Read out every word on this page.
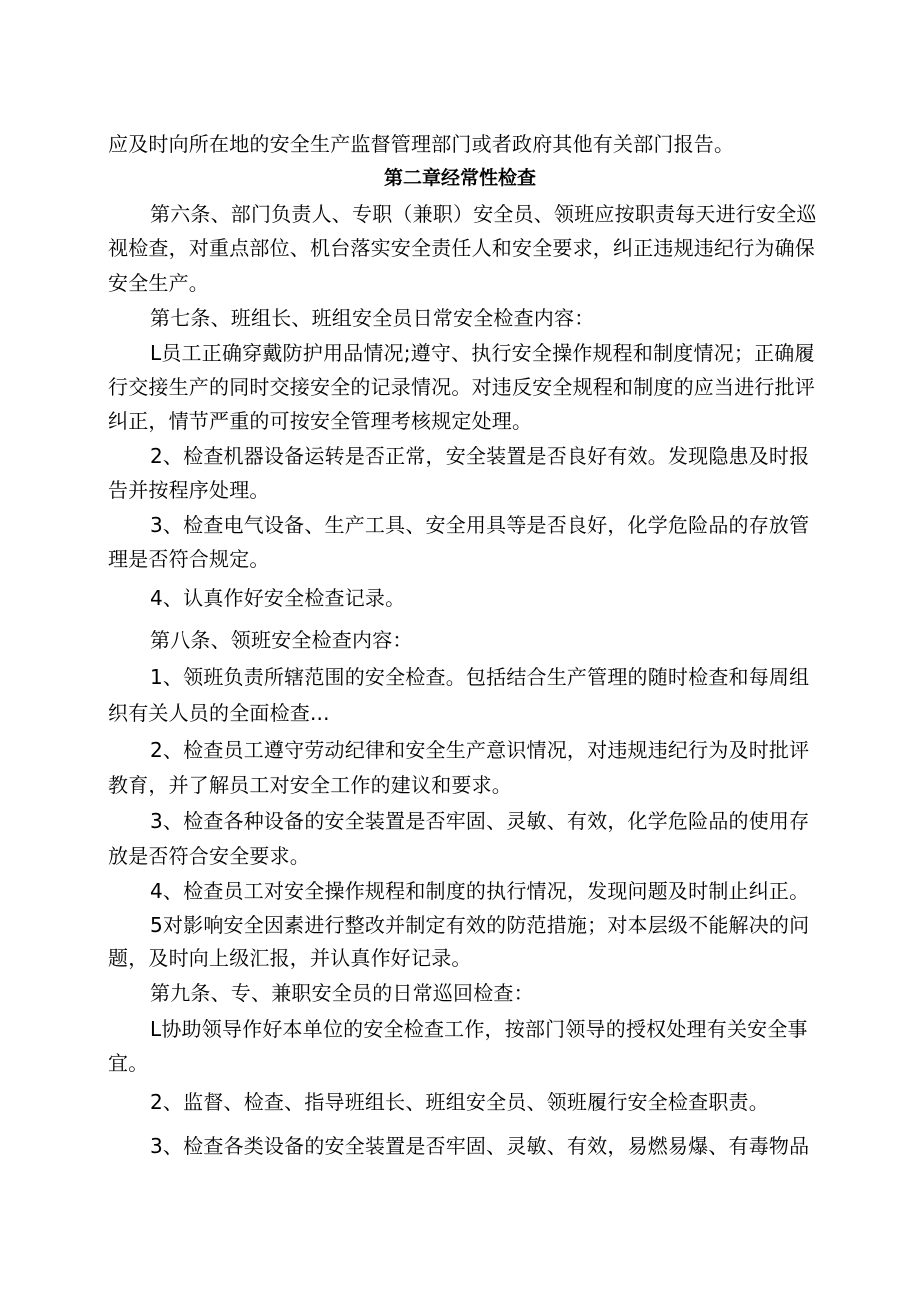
应及时向所在地的安全生产监督管理部门或者政府其他有关部门报告。
第二章经常性检查
第六条、部门负责人、专职（兼职）安全员、领班应按职责每天进行安全巡
视检查，对重点部位、机台落实安全责任人和安全要求，纠正违规违纪行为确保
安全生产。
第七条、班组长、班组安全员日常安全检查内容：
L员工正确穿戴防护用品情况;遵守、执行安全操作规程和制度情况；正确履
行交接生产的同时交接安全的记录情况。对违反安全规程和制度的应当进行批评
纠正，情节严重的可按安全管理考核规定处理。
2、检查机器设备运转是否正常，安全装置是否良好有效。发现隐患及时报
告并按程序处理。
3、检查电气设备、生产工具、安全用具等是否良好，化学危险品的存放管
理是否符合规定。
4、认真作好安全检查记录。
第八条、领班安全检查内容：
1、领班负责所辖范围的安全检查。包括结合生产管理的随时检查和每周组
织有关人员的全面检查...
2、检查员工遵守劳动纪律和安全生产意识情况，对违规违纪行为及时批评
教育，并了解员工对安全工作的建议和要求。
3、检查各种设备的安全装置是否牢固、灵敏、有效，化学危险品的使用存
放是否符合安全要求。
4、检查员工对安全操作规程和制度的执行情况，发现问题及时制止纠正。
5对影响安全因素进行整改并制定有效的防范措施；对本层级不能解决的问
题，及时向上级汇报，并认真作好记录。
第九条、专、兼职安全员的日常巡回检查：
L协助领导作好本单位的安全检查工作，按部门领导的授权处理有关安全事
宜。
2、监督、检查、指导班组长、班组安全员、领班履行安全检查职责。
3、检查各类设备的安全装置是否牢固、灵敏、有效，易燃易爆、有毒物品
